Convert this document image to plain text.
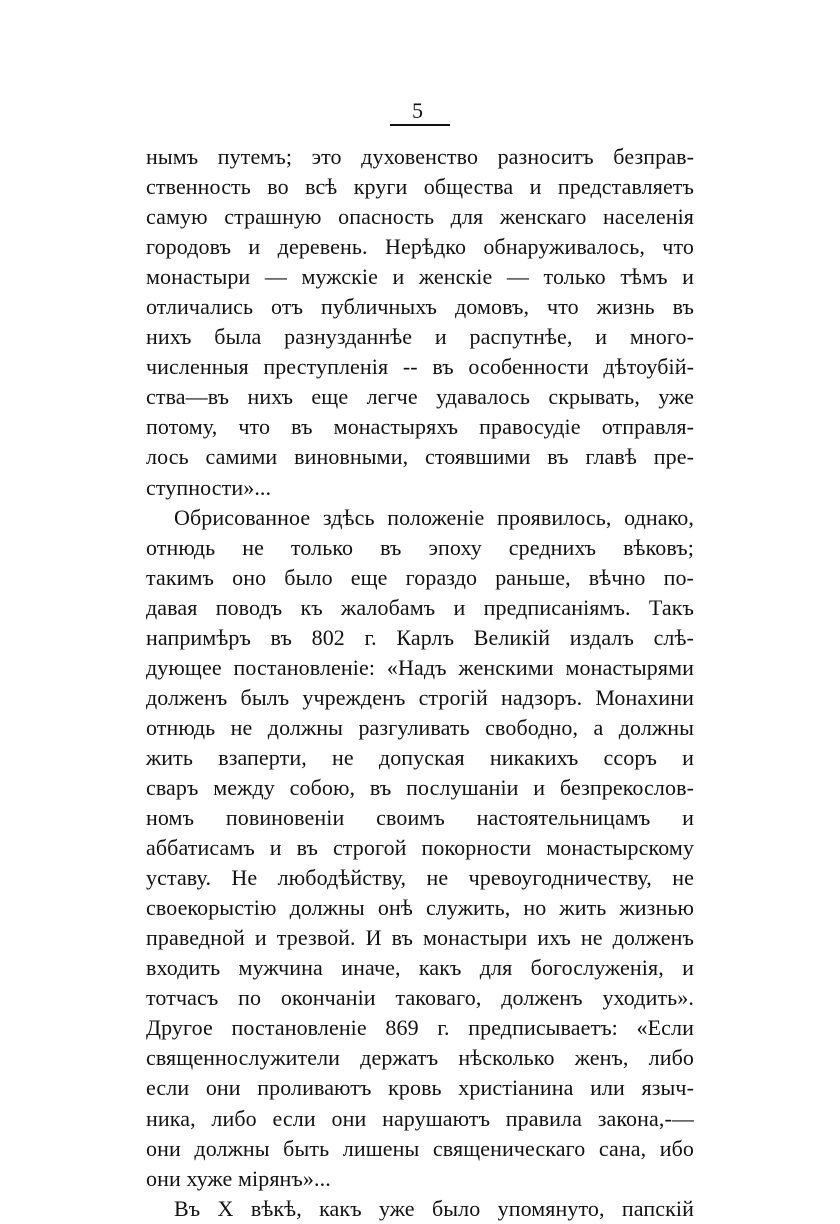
5
нымъ путемъ; это духовенство разноситъ безправ-
ственность во всѣ круги общества и представляетъ
самую страшную опасность для женскаго населенія
городовъ и деревень. Нерѣдко обнаруживалось, что
монастыри — мужскіе и женскіе — только тѣмъ и
отличались отъ публичныхъ домовъ, что жизнь въ
нихъ была разнузданнѣе и распутнѣе, и много-
численныя преступленія -- въ особенности дѣтоубій-
ства—въ нихъ еще легче удавалось скрывать, уже
потому, что въ монастыряхъ правосудіе отправля-
лось самими виновными, стоявшими въ главѣ пре-
ступности»...
Обрисованное здѣсь положеніе проявилось, однако,
отнюдь не только въ эпоху среднихъ вѣковъ;
такимъ оно было еще гораздо раньше, вѣчно по-
давая поводъ къ жалобамъ и предписаніямъ. Такъ
напримѣръ въ 802 г. Карлъ Великій издалъ слѣ-
дующее постановленіе: «Надъ женскими монастырями
долженъ былъ учрежденъ строгій надзоръ. Монахини
отнюдь не должны разгуливать свободно, а должны
жить взаперти, не допуская никакихъ ссоръ и
сваръ между собою, въ послушаніи и безпрекослов-
номъ повиновеніи своимъ настоятельницамъ и
аббатисамъ и въ строгой покорности монастырскому
уставу. Не любодѣйству, не чревоугодничеству, не
своекорыстію должны онѣ служить, но жить жизнью
праведной и трезвой. И въ монастыри ихъ не долженъ
входить мужчина иначе, какъ для богослуженія, и
тотчасъ по окончаніи таковаго, долженъ уходить».
Другое постановленіе 869 г. предписываетъ: «Если
священнослужители держатъ нѣсколько женъ, либо
если они проливаютъ кровь христіанина или языч-
ника, либо если они нарушаютъ правила закона,-—
они должны быть лишены священическаго сана, ибо
они хуже мірянъ»...
Въ X вѣкѣ, какъ уже было упомянуто, папскій
